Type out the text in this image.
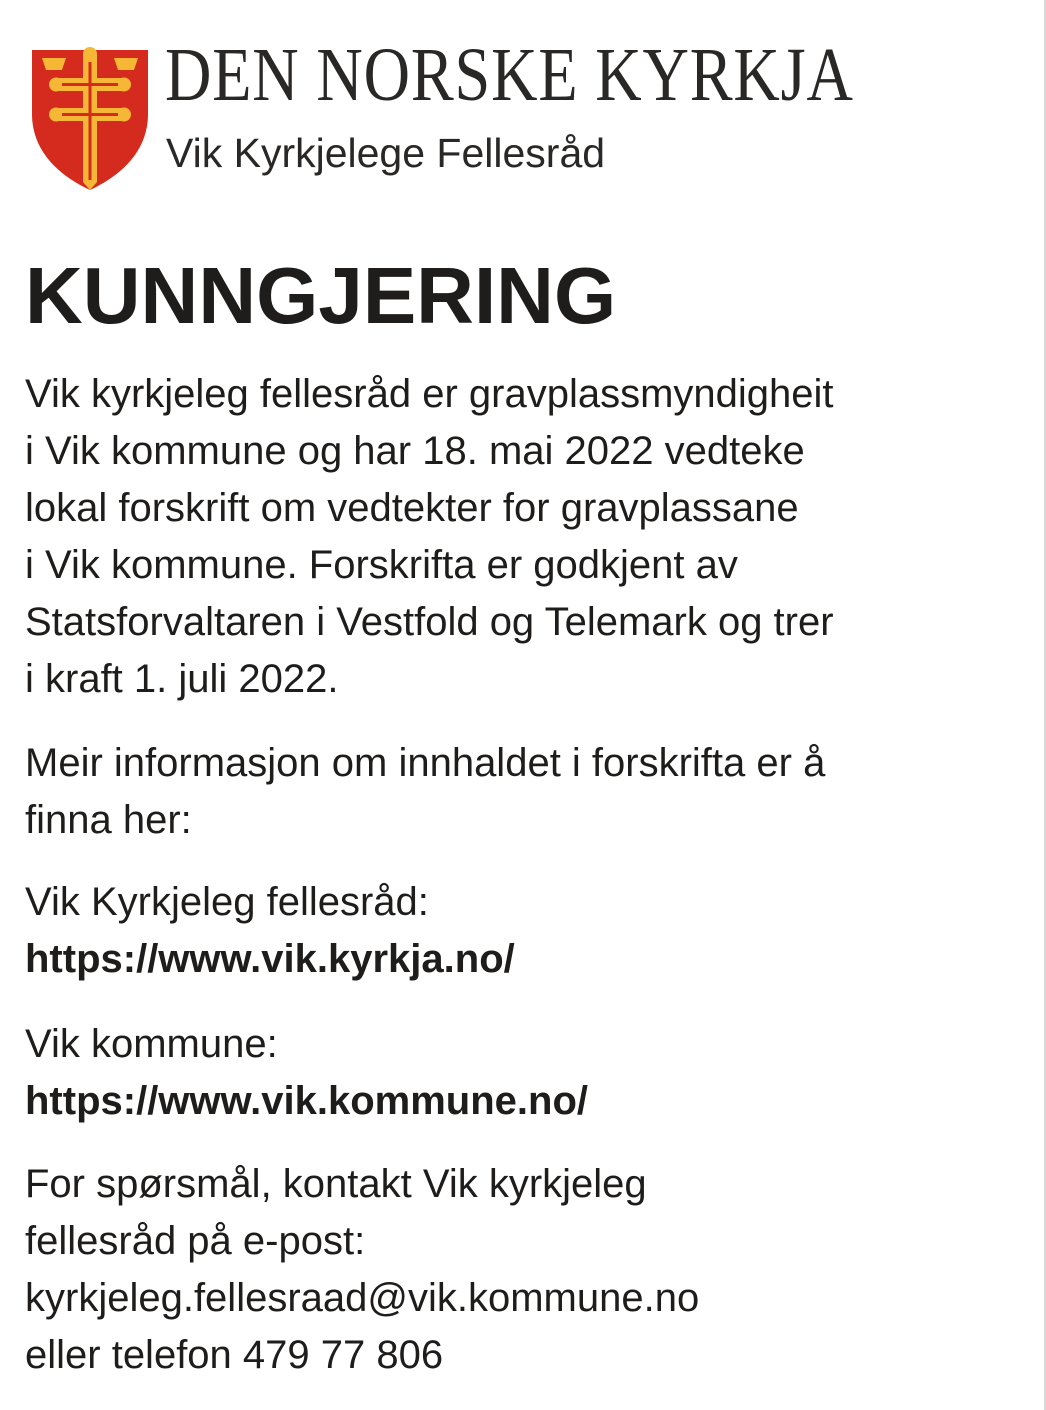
DEN NORSKE KYRKJA
Vik Kyrkjelege Fellesråd
KUNNGJERING
Vik kyrkjeleg fellesråd er gravplassmyndigheit
i Vik kommune og har 18. mai 2022 vedteke
lokal forskrift om vedtekter for gravplassane
i Vik kommune. Forskrifta er godkjent av
Statsforvaltaren i Vestfold og Telemark og trer
i kraft 1. juli 2022.
Meir informasjon om innhaldet i forskrifta er å
finna her:
Vik Kyrkjeleg fellesråd:
https://www.vik.kyrkja.no/
Vik kommune:
https://www.vik.kommune.no/
For spørsmål, kontakt Vik kyrkjeleg
fellesråd på e-post:
kyrkjeleg.fellesraad@vik.kommune.no
eller telefon 479 77 806
